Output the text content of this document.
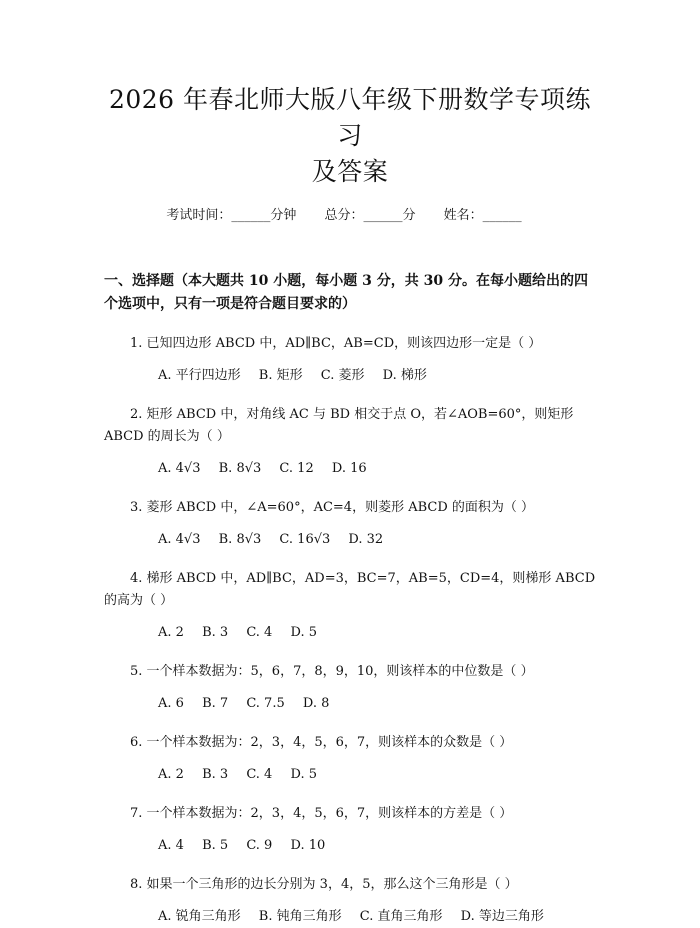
2026 年春北师大版八年级下册数学专项练习
及答案
考试时间：______分钟 总分：______分 姓名：______
一、选择题（本大题共 10 小题，每小题 3 分，共 30 分。在每小题给出的四个选项中，只有一项是符合题目要求的）
1. 已知四边形 ABCD 中，AD∥BC，AB=CD，则该四边形一定是（ ）
A. 平行四边形 B. 矩形 C. 菱形 D. 梯形
2. 矩形 ABCD 中，对角线 AC 与 BD 相交于点 O，若∠AOB=60°，则矩形 ABCD 的周长为（ ）
A. 4√3 B. 8√3 C. 12 D. 16
3. 菱形 ABCD 中，∠A=60°，AC=4，则菱形 ABCD 的面积为（ ）
A. 4√3 B. 8√3 C. 16√3 D. 32
4. 梯形 ABCD 中，AD∥BC，AD=3，BC=7，AB=5，CD=4，则梯形 ABCD 的高为（ ）
A. 2 B. 3 C. 4 D. 5
5. 一个样本数据为：5，6，7，8，9，10，则该样本的中位数是（ ）
A. 6 B. 7 C. 7.5 D. 8
6. 一个样本数据为：2，3，4，5，6，7，则该样本的众数是（ ）
A. 2 B. 3 C. 4 D. 5
7. 一个样本数据为：2，3，4，5，6，7，则该样本的方差是（ ）
A. 4 B. 5 C. 9 D. 10
8. 如果一个三角形的边长分别为 3，4，5，那么这个三角形是（ ）
A. 锐角三角形 B. 钝角三角形 C. 直角三角形 D. 等边三角形
